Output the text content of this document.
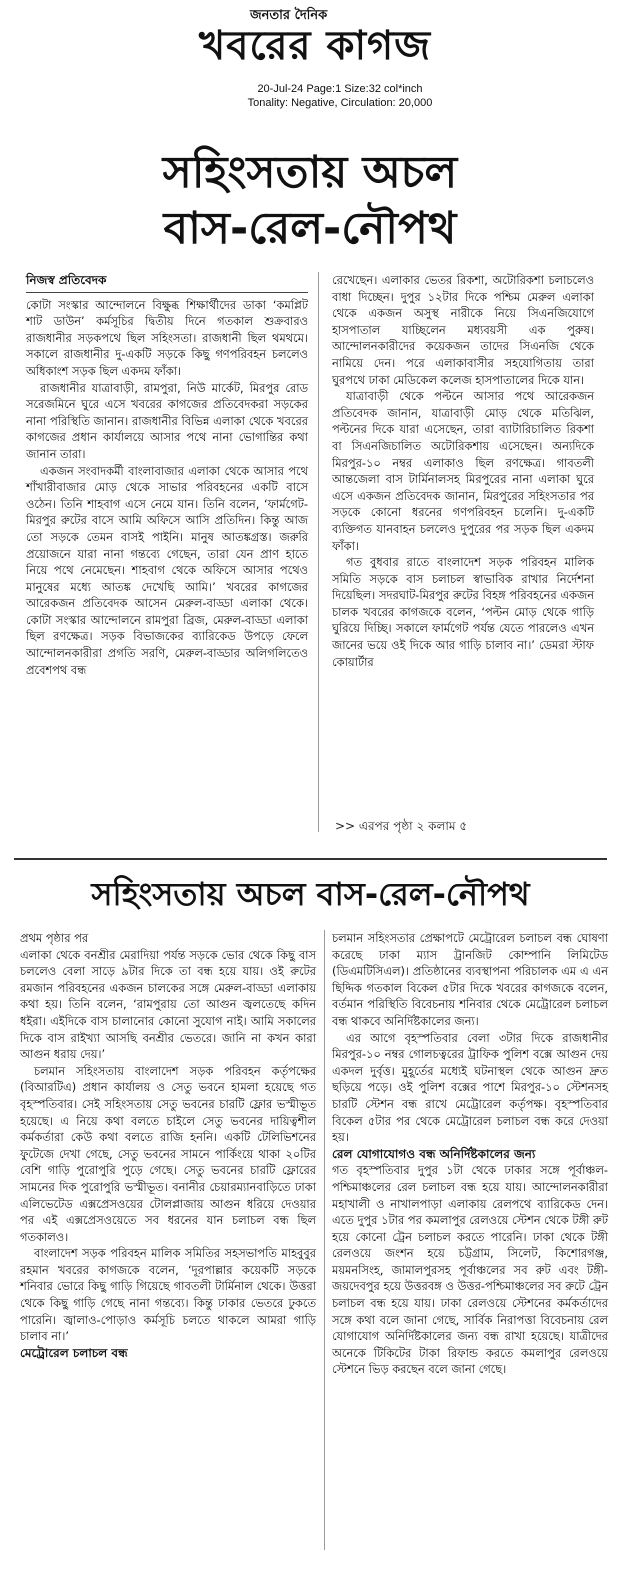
জনতার দৈনিক
খবরের কাগজ
20-Jul-24 Page:1 Size:32 col*inch
Tonality: Negative, Circulation: 20,000
সহিংসতায় অচল
বাস-রেল-নৌপথ
নিজস্ব প্রতিবেদক

কোটা সংস্কার আন্দোলনে বিক্ষুব্ধ শিক্ষার্থীদের ডাকা ‘কমপ্লিট শাট ডাউন’ কর্মসূচির দ্বিতীয় দিনে গতকাল শুক্রবারও রাজধানীর সড়কপথে ছিল সহিংসতা। রাজধানী ছিল থমথমে। সকালে রাজধানীর দু-একটি সড়কে কিছু গণপরিবহন চললেও অধিকাংশ সড়ক ছিল একদম ফাঁকা।

রাজধানীর যাত্রাবাড়ী, রামপুরা, নিউ মার্কেট, মিরপুর রোড সরেজমিনে ঘুরে এসে খবরের কাগজের প্রতিবেদকরা সড়কের নানা পরিস্থিতি জানান। রাজধানীর বিভিন্ন এলাকা থেকে খবরের কাগজের প্রধান কার্যালয়ে আসার পথে নানা ভোগান্তির কথা জানান তারা।

একজন সংবাদকর্মী বাংলাবাজার এলাকা থেকে আসার পথে শাঁখারীবাজার মোড় থেকে সাভার পরিবহনের একটি বাসে ওঠেন। তিনি শাহবাগ এসে নেমে যান। তিনি বলেন, ‘ফার্মগেট-মিরপুর রুটের বাসে আমি অফিসে আসি প্রতিদিন। কিন্তু আজ তো সড়কে তেমন বাসই পাইনি। মানুষ আতঙ্কগ্রস্ত। জরুরি প্রয়োজনে যারা নানা গন্তব্যে গেছেন, তারা যেন প্রাণ হাতে নিয়ে পথে নেমেছেন। শাহবাগ থেকে অফিসে আসার পথেও মানুষের মধ্যে আতঙ্ক দেখেছি আমি।’ খবরের কাগজের আরেকজন প্রতিবেদক আসেন মেরুল-বাড্ডা এলাকা থেকে। কোটা সংস্কার আন্দোলনে রামপুরা ব্রিজ, মেরুল-বাড্ডা এলাকা ছিল রণক্ষেত্র। সড়ক বিভাজকের ব্যারিকেড উপড়ে ফেলে আন্দোলনকারীরা প্রগতি সরণি, মেরুল-বাড্ডার অলিগলিতেও প্রবেশপথ বন্ধ

রেখেছেন। এলাকার ভেতর রিকশা, অটোরিকশা চলাচলেও বাধা দিচ্ছেন। দুপুর ১২টার দিকে পশ্চিম মেরুল এলাকা থেকে একজন অসুস্থ নারীকে নিয়ে সিএনজিযোগে হাসপাতাল যাচ্ছিলেন মধ্যবয়সী এক পুরুষ। আন্দোলনকারীদের কয়েকজন তাদের সিএনজি থেকে নামিয়ে দেন। পরে এলাকাবাসীর সহযোগিতায় তারা ঘুরপথে ঢাকা মেডিকেল কলেজ হাসপাতালের দিকে যান।

যাত্রাবাড়ী থেকে পল্টনে আসার পথে আরেকজন প্রতিবেদক জানান, যাত্রাবাড়ী মোড় থেকে মতিঝিল, পল্টনের দিকে যারা এসেছেন, তারা ব্যাটারিচালিত রিকশা বা সিএনজিচালিত অটোরিকশায় এসেছেন। অন্যদিকে মিরপুর-১০ নম্বর এলাকাও ছিল রণক্ষেত্র। গাবতলী আন্তজেলা বাস টার্মিনালসহ মিরপুরের নানা এলাকা ঘুরে এসে একজন প্রতিবেদক জানান, মিরপুরের সহিংসতার পর সড়কে কোনো ধরনের গণপরিবহন চলেনি। দু-একটি ব্যক্তিগত যানবাহন চললেও দুপুরের পর সড়ক ছিল একদম ফাঁকা।

গত বুধবার রাতে বাংলাদেশ সড়ক পরিবহন মালিক সমিতি সড়কে বাস চলাচল স্বাভাবিক রাখার নির্দেশনা দিয়েছিল। সদরঘাট-মিরপুর রুটের বিহঙ্গ পরিবহনের একজন চালক খবরের কাগজকে বলেন, ‘পল্টন মোড় থেকে গাড়ি ঘুরিয়ে দিচ্ছি। সকালে ফার্মগেট পর্যন্ত যেতে পারলেও এখন জানের ভয়ে ওই দিকে আর গাড়ি চালাব না।’ ডেমরা স্টাফ কোয়ার্টার

>> এরপর পৃষ্ঠা ২ কলাম ৫
সহিংসতায় অচল বাস-রেল-নৌপথ

প্রথম পৃষ্ঠার পর

এলাকা থেকে বনশ্রীর মেরাদিয়া পর্যন্ত সড়কে ভোর থেকে কিছু বাস চললেও বেলা সাড়ে ৯টার দিকে তা বন্ধ হয়ে যায়। ওই রুটের রমজান পরিবহনের একজন চালকের সঙ্গে মেরুল-বাড্ডা এলাকায় কথা হয়। তিনি বলেন, ‘রামপুরায় তো আগুন জ্বলতেছে কদিন ধইরা। এইদিকে বাস চালানোর কোনো সুযোগ নাই। আমি সকালের দিকে বাস রাইখ্যা আসছি বনশ্রীর ভেতরে। জানি না কখন কারা আগুন ধরায় দেয়।’

চলমান সহিংসতায় বাংলাদেশ সড়ক পরিবহন কর্তৃপক্ষের (বিআরটিএ) প্রধান কার্যালয় ও সেতু ভবনে হামলা হয়েছে গত বৃহস্পতিবার। সেই সহিংসতায় সেতু ভবনের চারটি ফ্লোর ভস্মীভূত হয়েছে। এ নিয়ে কথা বলতে চাইলে সেতু ভবনের দায়িত্বশীল কর্মকর্তারা কেউ কথা বলতে রাজি হননি। একটি টেলিভিশনের ফুটেজে দেখা গেছে, সেতু ভবনের সামনে পার্কিংয়ে থাকা ২০টির বেশি গাড়ি পুরোপুরি পুড়ে গেছে। সেতু ভবনের চারটি ফ্লোরের সামনের দিক পুরোপুরি ভস্মীভূত। বনানীর চেয়ারম্যানবাড়িতে ঢাকা এলিভেটেড এক্সপ্রেসওয়ের টোলপ্লাজায় আগুন ধরিয়ে দেওয়ার পর এই এক্সপ্রেসওয়েতে সব ধরনের যান চলাচল বন্ধ ছিল গতকালও।

বাংলাদেশ সড়ক পরিবহন মালিক সমিতির সহসভাপতি মাহবুবুর রহমান খবরের কাগজকে বলেন, ‘দূরপাল্লার কয়েকটি সড়কে শনিবার ভোরে কিছু গাড়ি গিয়েছে গাবতলী টার্মিনাল থেকে। উত্তরা থেকে কিছু গাড়ি গেছে নানা গন্তব্যে। কিন্তু ঢাকার ভেতরে ঢুকতে পারেনি। জ্বালাও-পোড়াও কর্মসূচি চলতে থাকলে আমরা গাড়ি চালাব না।’

মেট্রোরেল চলাচল বন্ধ

চলমান সহিংসতার প্রেক্ষাপটে মেট্রোরেল চলাচল বন্ধ ঘোষণা করেছে ঢাকা ম্যাস ট্রানজিট কোম্পানি লিমিটেড (ডিএমটিসিএল)। প্রতিষ্ঠানের ব্যবস্থাপনা পরিচালক এম এ এন ছিদ্দিক গতকাল বিকেল ৫টার দিকে খবরের কাগজকে বলেন, বর্তমান পরিস্থিতি বিবেচনায় শনিবার থেকে মেট্রোরেল চলাচল বন্ধ থাকবে অনির্দিষ্টকালের জন্য।

এর আগে বৃহস্পতিবার বেলা ৩টার দিকে রাজধানীর মিরপুর-১০ নম্বর গোলচত্বরের ট্রাফিক পুলিশ বক্সে আগুন দেয় একদল দুর্বৃত্ত। মুহূর্তের মধ্যেই ঘটনাস্থল থেকে আগুন দ্রুত ছড়িয়ে পড়ে। ওই পুলিশ বক্সের পাশে মিরপুর-১০ স্টেশনসহ চারটি স্টেশন বন্ধ রাখে মেট্রোরেল কর্তৃপক্ষ। বৃহস্পতিবার বিকেল ৫টার পর থেকে মেট্রোরেল চলাচল বন্ধ করে দেওয়া হয়।

রেল যোগাযোগও বন্ধ অনির্দিষ্টকালের জন্য

গত বৃহস্পতিবার দুপুর ১টা থেকে ঢাকার সঙ্গে পূর্বাঞ্চল-পশ্চিমাঞ্চলের রেল চলাচল বন্ধ হয়ে যায়। আন্দোলনকারীরা মহাখালী ও নাখালপাড়া এলাকায় রেলপথে ব্যারিকেড দেন। এতে দুপুর ১টার পর কমলাপুর রেলওয়ে স্টেশন থেকে টঙ্গী রুট হয়ে কোনো ট্রেন চলাচল করতে পারেনি। ঢাকা থেকে টঙ্গী রেলওয়ে জংশন হয়ে চট্টগ্রাম, সিলেট, কিশোরগঞ্জ, ময়মনসিংহ, জামালপুরসহ পূর্বাঞ্চলের সব রুট এবং টঙ্গী-জয়দেবপুর হয়ে উত্তরবঙ্গ ও উত্তর-পশ্চিমাঞ্চলের সব রুটে ট্রেন চলাচল বন্ধ হয়ে যায়। ঢাকা রেলওয়ে স্টেশনের কর্মকর্তাদের সঙ্গে কথা বলে জানা গেছে, সার্বিক নিরাপত্তা বিবেচনায় রেল যোগাযোগ অনির্দিষ্টকালের জন্য বন্ধ রাখা হয়েছে। যাত্রীদের অনেকে টিকিটের টাকা রিফান্ড করতে কমলাপুর রেলওয়ে স্টেশনে ভিড় করছেন বলে জানা গেছে।
